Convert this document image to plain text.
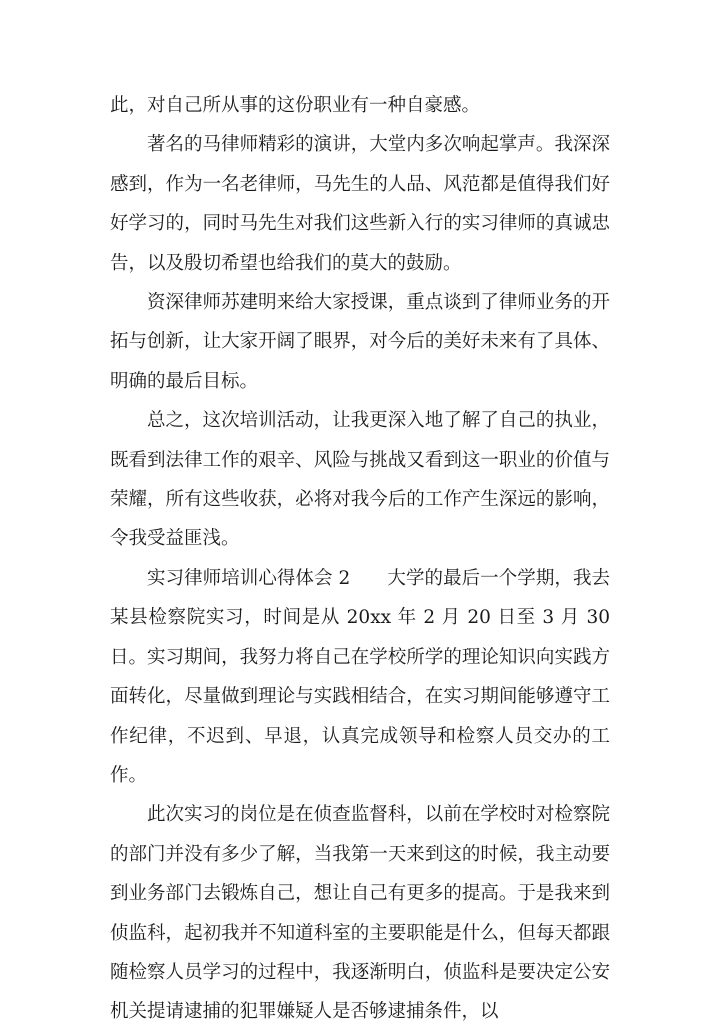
此，对自己所从事的这份职业有一种自豪感。

著名的马律师精彩的演讲，大堂内多次响起掌声。我深深感到，作为一名老律师，马先生的人品、风范都是值得我们好好学习的，同时马先生对我们这些新入行的实习律师的真诚忠告，以及殷切希望也给我们的莫大的鼓励。

资深律师苏建明来给大家授课，重点谈到了律师业务的开拓与创新，让大家开阔了眼界，对今后的美好未来有了具体、明确的最后目标。

总之，这次培训活动，让我更深入地了解了自己的执业，既看到法律工作的艰辛、风险与挑战又看到这一职业的价值与荣耀，所有这些收获，必将对我今后的工作产生深远的影响，令我受益匪浅。

实习律师培训心得体会 2　　大学的最后一个学期，我去某县检察院实习，时间是从 20xx 年 2 月 20 日至 3 月 30 日。实习期间，我努力将自己在学校所学的理论知识向实践方面转化，尽量做到理论与实践相结合，在实习期间能够遵守工作纪律，不迟到、早退，认真完成领导和检察人员交办的工作。

此次实习的岗位是在侦查监督科，以前在学校时对检察院的部门并没有多少了解，当我第一天来到这的时候，我主动要到业务部门去锻炼自己，想让自己有更多的提高。于是我来到侦监科，起初我并不知道科室的主要职能是什么，但每天都跟随检察人员学习的过程中，我逐渐明白，侦监科是要决定公安机关提请逮捕的犯罪嫌疑人是否够逮捕条件，以
